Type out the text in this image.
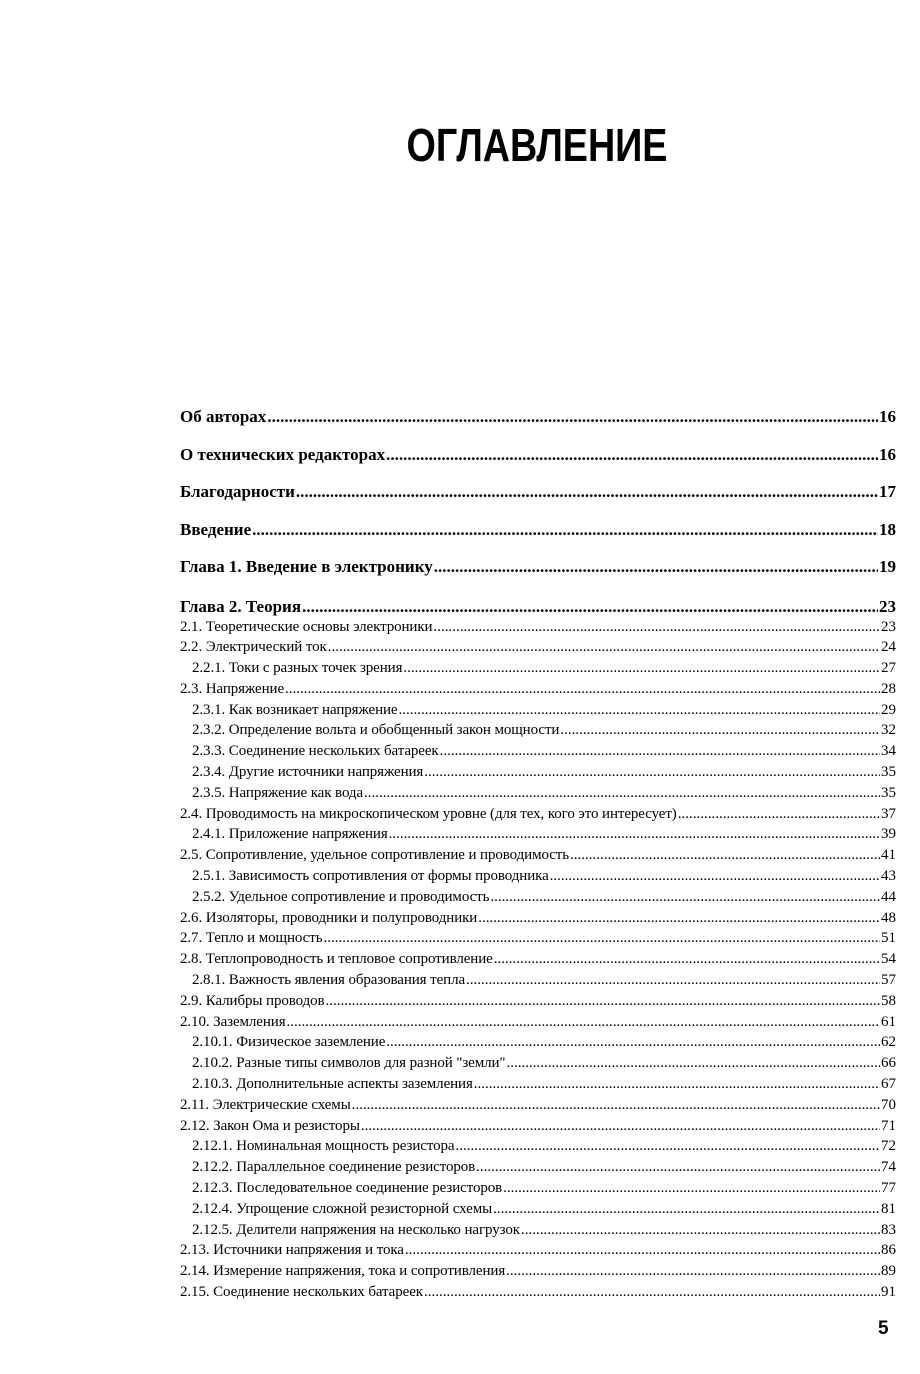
ОГЛАВЛЕНИЕ
Об авторах .....	16
О технических редакторах .....	16
Благодарности .....	17
Введение .....	18
Глава 1. Введение в электронику .....	19
Глава 2. Теория .....	23
2.1. Теоретические основы электроники .....	23
2.2. Электрический ток .....	24
2.2.1. Токи с разных точек зрения .....	27
2.3. Напряжение .....	28
2.3.1. Как возникает напряжение .....	29
2.3.2. Определение вольта и обобщенный закон мощности .....	32
2.3.3. Соединение нескольких батареек .....	34
2.3.4. Другие источники напряжения .....	35
2.3.5. Напряжение как вода .....	35
2.4. Проводимость на микроскопическом уровне (для тех, кого это интересует) .....	37
2.4.1. Приложение напряжения .....	39
2.5. Сопротивление, удельное сопротивление и проводимость .....	41
2.5.1. Зависимость сопротивления от формы проводника .....	43
2.5.2. Удельное сопротивление и проводимость .....	44
2.6. Изоляторы, проводники и полупроводники .....	48
2.7. Тепло и мощность .....	51
2.8. Теплопроводность и тепловое сопротивление .....	54
2.8.1. Важность явления образования тепла .....	57
2.9. Калибры проводов .....	58
2.10. Заземления .....	61
2.10.1. Физическое заземление .....	62
2.10.2. Разные типы символов для разной "земли" .....	66
2.10.3. Дополнительные аспекты заземления .....	67
2.11. Электрические схемы .....	70
2.12. Закон Ома и резисторы .....	71
2.12.1. Номинальная мощность резистора .....	72
2.12.2. Параллельное соединение резисторов .....	74
2.12.3. Последовательное соединение резисторов .....	77
2.12.4. Упрощение сложной резисторной схемы .....	81
2.12.5. Делители напряжения на несколько нагрузок .....	83
2.13. Источники напряжения и тока .....	86
2.14. Измерение напряжения, тока и сопротивления .....	89
2.15. Соединение нескольких батареек .....	91
5
